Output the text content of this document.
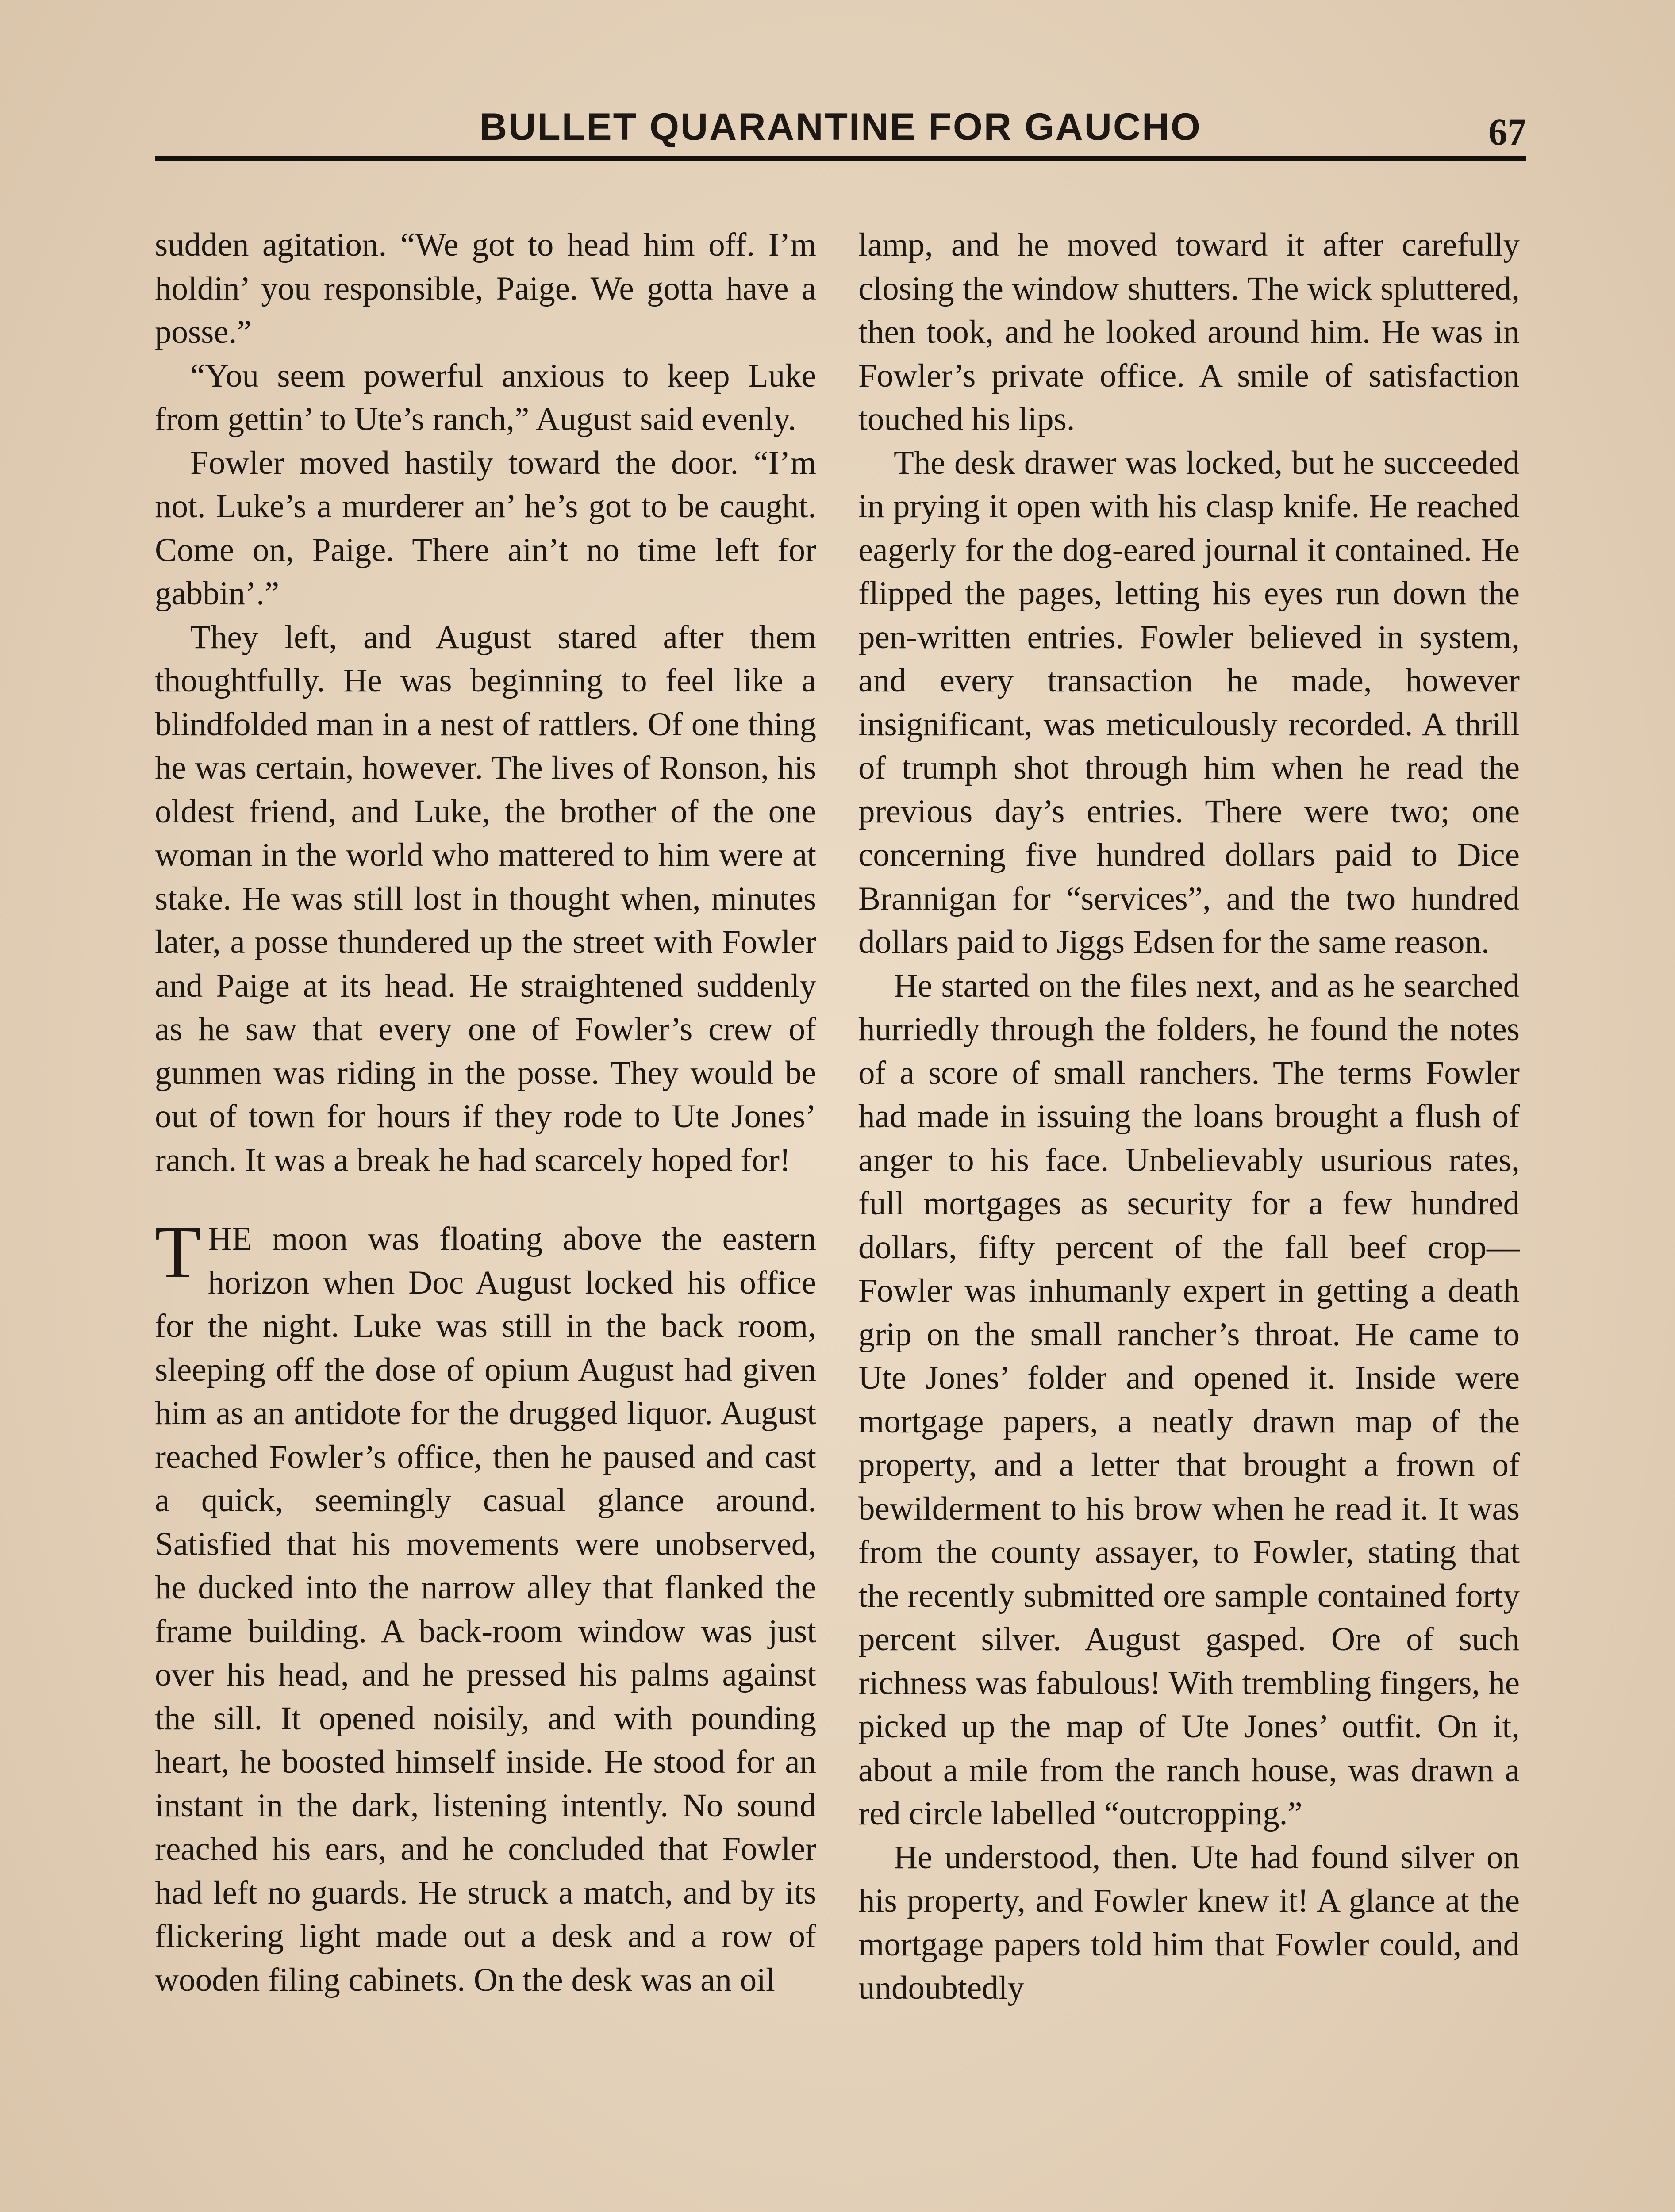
BULLET QUARANTINE FOR GAUCHO	67

sudden agitation. “We got to head him off. I’m holdin’ you responsible, Paige. We gotta have a posse.”

“You seem powerful anxious to keep Luke from gettin’ to Ute’s ranch,” August said evenly.

Fowler moved hastily toward the door. “I’m not. Luke’s a murderer an’ he’s got to be caught. Come on, Paige. There ain’t no time left for gabbin’.”

They left, and August stared after them thoughtfully. He was beginning to feel like a blindfolded man in a nest of rattlers. Of one thing he was certain, however. The lives of Ronson, his oldest friend, and Luke, the brother of the one woman in the world who mattered to him were at stake. He was still lost in thought when, minutes later, a posse thundered up the street with Fowler and Paige at its head. He straightened suddenly as he saw that every one of Fowler’s crew of gunmen was riding in the posse. They would be out of town for hours if they rode to Ute Jones’ ranch. It was a break he had scarcely hoped for!

THE moon was floating above the eastern horizon when Doc August locked his office for the night. Luke was still in the back room, sleeping off the dose of opium August had given him as an antidote for the drugged liquor. August reached Fowler’s office, then he paused and cast a quick, seemingly casual glance around. Satisfied that his movements were unobserved, he ducked into the narrow alley that flanked the frame building. A back-room window was just over his head, and he pressed his palms against the sill. It opened noisily, and with pounding heart, he boosted himself inside. He stood for an instant in the dark, listening intently. No sound reached his ears, and he concluded that Fowler had left no guards. He struck a match, and by its flickering light made out a desk and a row of wooden filing cabinets. On the desk was an oil

lamp, and he moved toward it after carefully closing the window shutters. The wick spluttered, then took, and he looked around him. He was in Fowler’s private office. A smile of satisfaction touched his lips.

The desk drawer was locked, but he succeeded in prying it open with his clasp knife. He reached eagerly for the dog-eared journal it contained. He flipped the pages, letting his eyes run down the pen-written entries. Fowler believed in system, and every transaction he made, however insignificant, was meticulously recorded. A thrill of trumph shot through him when he read the previous day’s entries. There were two; one concerning five hundred dollars paid to Dice Brannigan for “services”, and the two hundred dollars paid to Jiggs Edsen for the same reason.

He started on the files next, and as he searched hurriedly through the folders, he found the notes of a score of small ranchers. The terms Fowler had made in issuing the loans brought a flush of anger to his face. Unbelievably usurious rates, full mortgages as security for a few hundred dollars, fifty percent of the fall beef crop—Fowler was inhumanly expert in getting a death grip on the small rancher’s throat. He came to Ute Jones’ folder and opened it. Inside were mortgage papers, a neatly drawn map of the property, and a letter that brought a frown of bewilderment to his brow when he read it. It was from the county assayer, to Fowler, stating that the recently submitted ore sample contained forty percent silver. August gasped. Ore of such richness was fabulous! With trembling fingers, he picked up the map of Ute Jones’ outfit. On it, about a mile from the ranch house, was drawn a red circle labelled “outcropping.”

He understood, then. Ute had found silver on his property, and Fowler knew it! A glance at the mortgage papers told him that Fowler could, and undoubtedly
